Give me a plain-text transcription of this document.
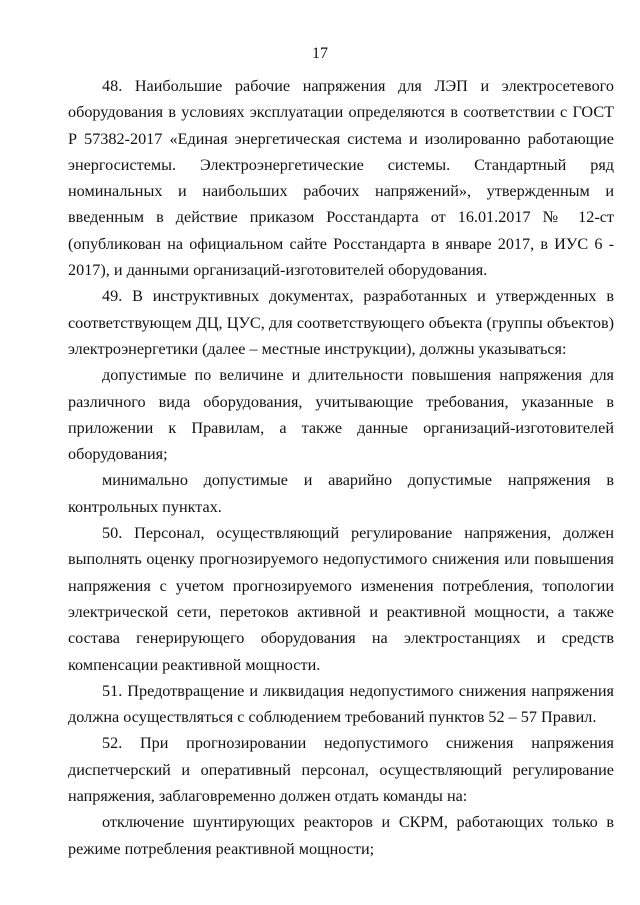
17

48. Наибольшие рабочие напряжения для ЛЭП и электросетевого оборудования в условиях эксплуатации определяются в соответствии с ГОСТ Р 57382-2017 «Единая энергетическая система и изолированно работающие энергосистемы. Электроэнергетические системы. Стандартный ряд номинальных и наибольших рабочих напряжений», утвержденным и введенным в действие приказом Росстандарта от 16.01.2017 № 12-ст (опубликован на официальном сайте Росстандарта в январе 2017, в ИУС 6 - 2017), и данными организаций-изготовителей оборудования.

49. В инструктивных документах, разработанных и утвержденных в соответствующем ДЦ, ЦУС, для соответствующего объекта (группы объектов) электроэнергетики (далее – местные инструкции), должны указываться:

допустимые по величине и длительности повышения напряжения для различного вида оборудования, учитывающие требования, указанные в приложении к Правилам, а также данные организаций-изготовителей оборудования;

минимально допустимые и аварийно допустимые напряжения в контрольных пунктах.

50. Персонал, осуществляющий регулирование напряжения, должен выполнять оценку прогнозируемого недопустимого снижения или повышения напряжения с учетом прогнозируемого изменения потребления, топологии электрической сети, перетоков активной и реактивной мощности, а также состава генерирующего оборудования на электростанциях и средств компенсации реактивной мощности.

51. Предотвращение и ликвидация недопустимого снижения напряжения должна осуществляться с соблюдением требований пунктов 52 – 57 Правил.

52. При прогнозировании недопустимого снижения напряжения диспетчерский и оперативный персонал, осуществляющий регулирование напряжения, заблаговременно должен отдать команды на:

отключение шунтирующих реакторов и СКРМ, работающих только в режиме потребления реактивной мощности;
